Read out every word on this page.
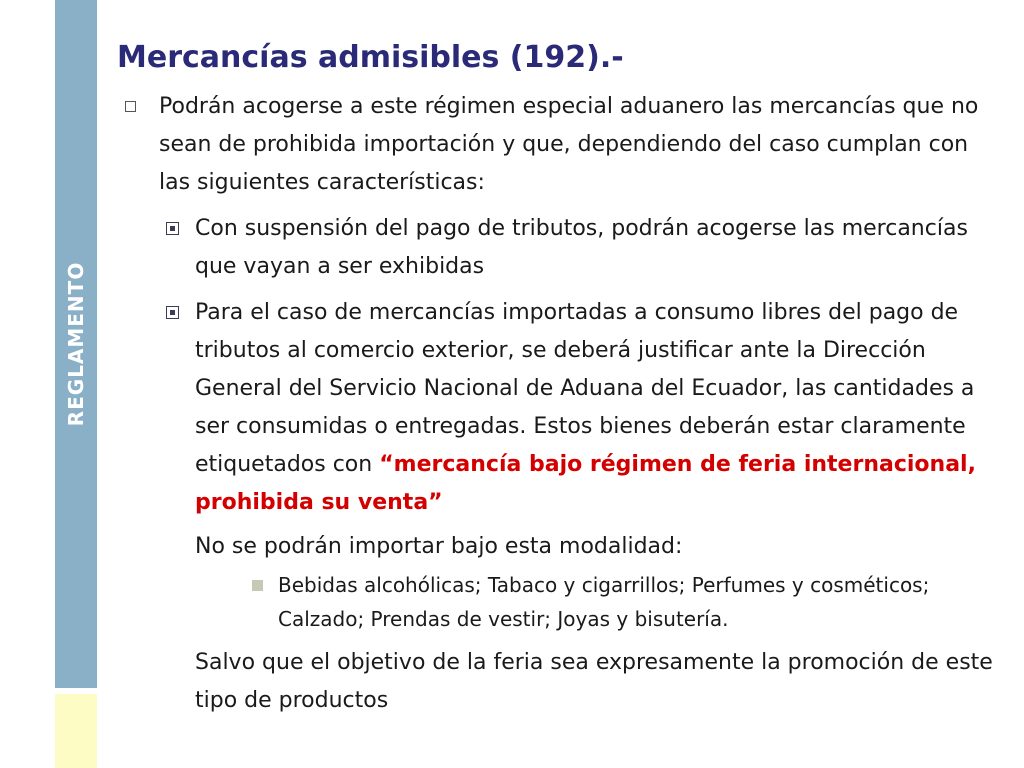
REGLAMENTO
Mercancías admisibles (192).-
Podrán acogerse a este régimen especial aduanero las mercancías que no sean de prohibida importación y que, dependiendo del caso cumplan con las siguientes características:
Con suspensión del pago de tributos, podrán acogerse las mercancías que vayan a ser exhibidas
Para el caso de mercancías importadas a consumo libres del pago de tributos al comercio exterior, se deberá justificar ante la Dirección General del Servicio Nacional de Aduana del Ecuador, las cantidades a ser consumidas o entregadas. Estos bienes deberán estar claramente etiquetados con “mercancía bajo régimen de feria internacional, prohibida su venta”
No se podrán importar bajo esta modalidad:
Bebidas alcohólicas; Tabaco y cigarrillos; Perfumes y cosméticos; Calzado; Prendas de vestir; Joyas y bisutería.
Salvo que el objetivo de la feria sea expresamente la promoción de este tipo de productos
